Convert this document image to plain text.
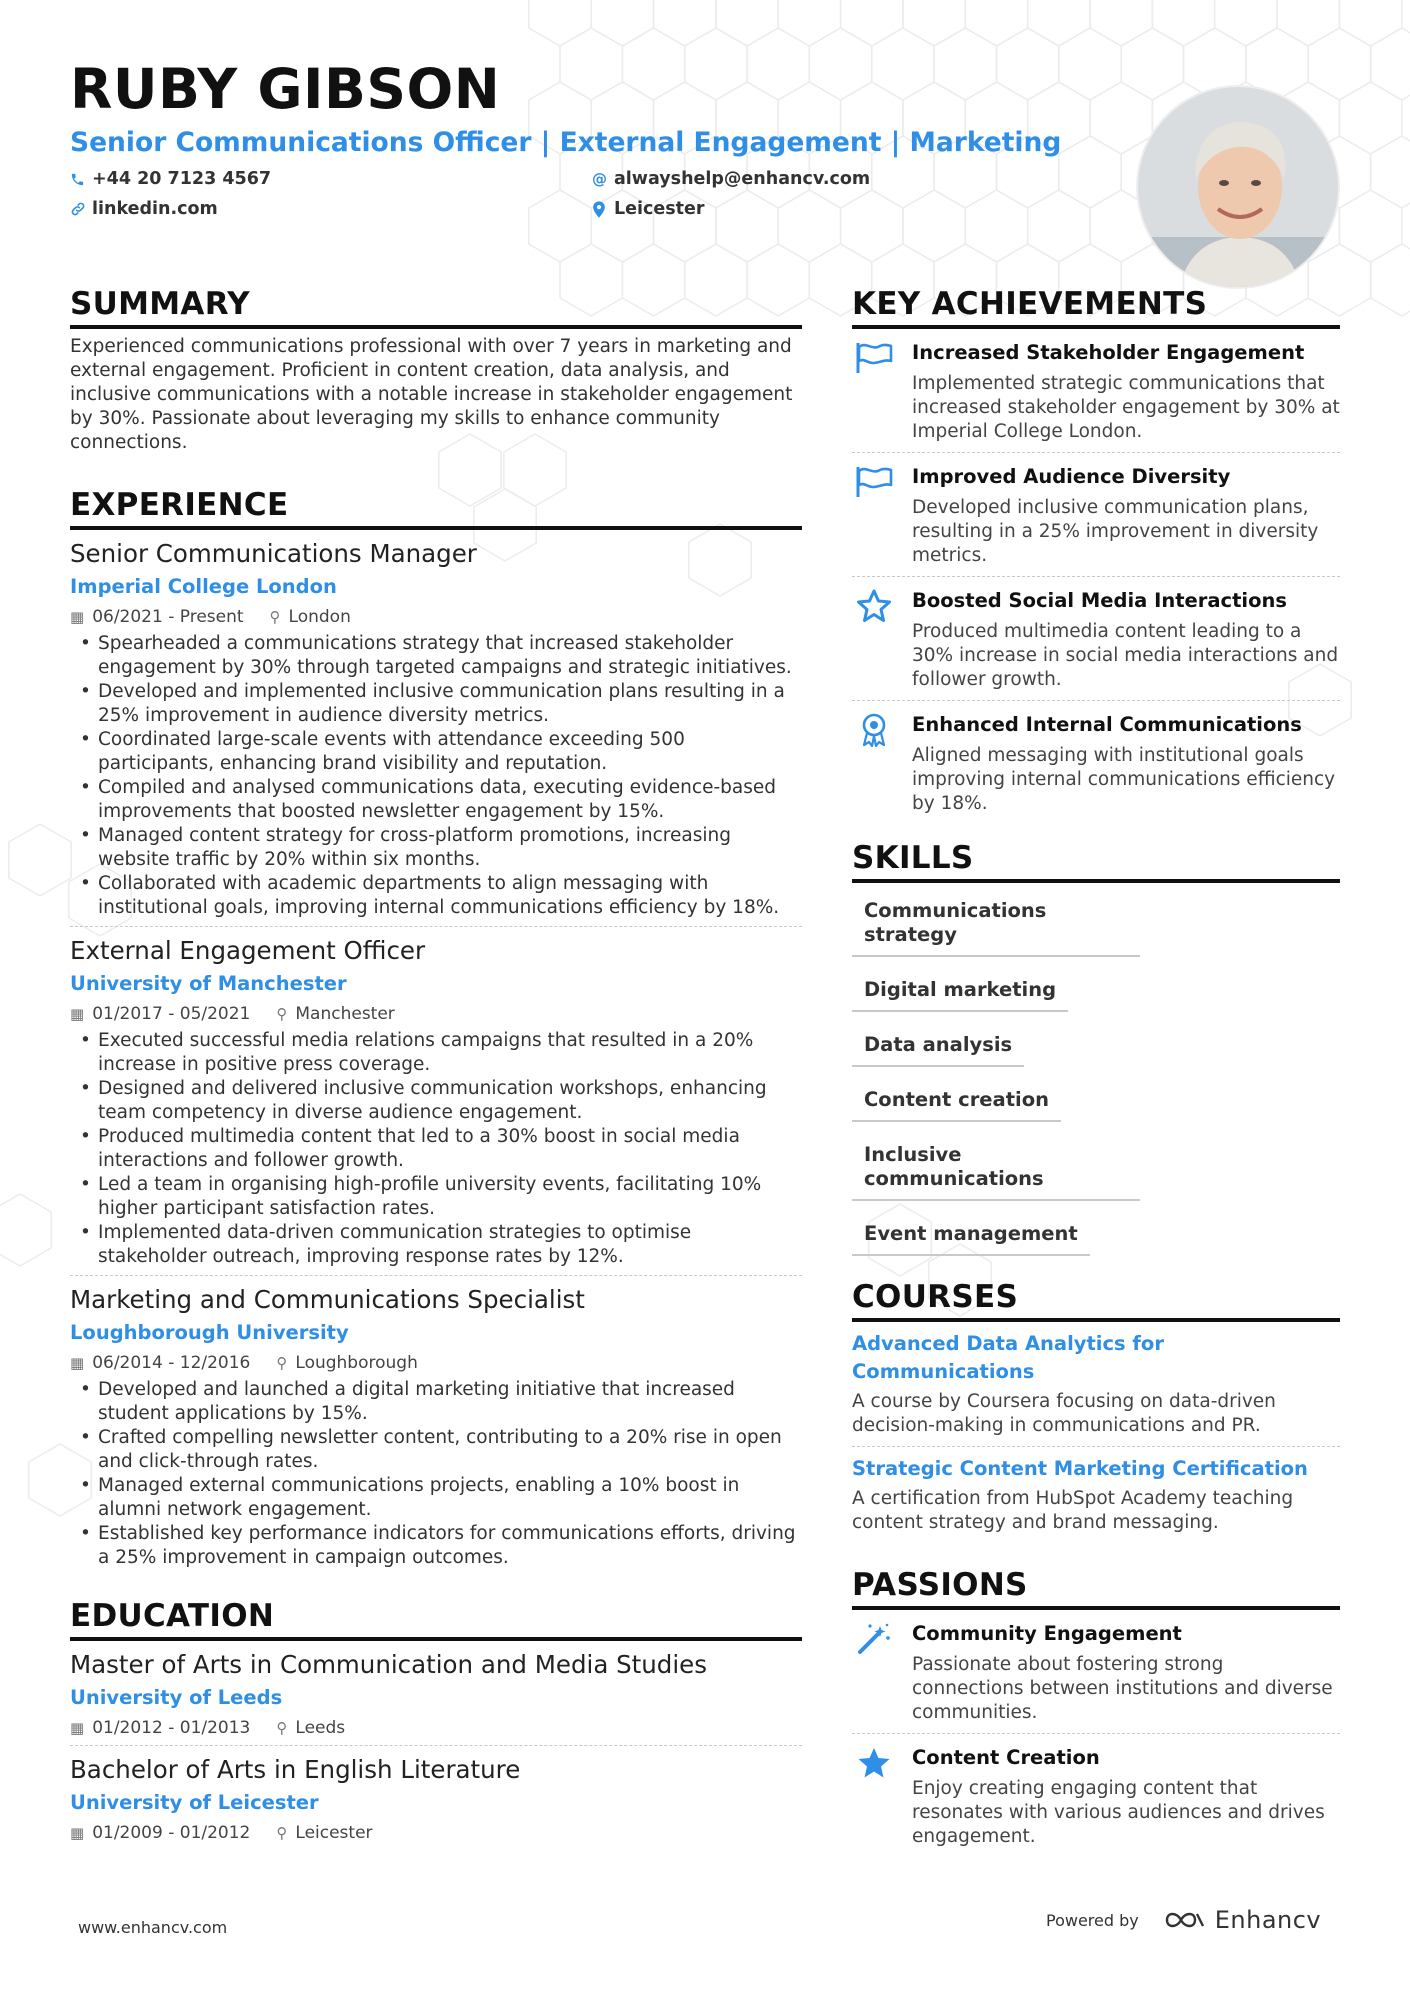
RUBY GIBSON
Senior Communications Officer | External Engagement | Marketing
+44 20 7123 4567	@ alwayshelp@enhancv.com
linkedin.com	Leicester
SUMMARY
Experienced communications professional with over 7 years in marketing and external engagement. Proficient in content creation, data analysis, and inclusive communications with a notable increase in stakeholder engagement by 30%. Passionate about leveraging my skills to enhance community connections.
EXPERIENCE
Senior Communications Manager
Imperial College London
▦ 06/2021 - Present ⚲ London
• Spearheaded a communications strategy that increased stakeholder engagement by 30% through targeted campaigns and strategic initiatives.
• Developed and implemented inclusive communication plans resulting in a 25% improvement in audience diversity metrics.
• Coordinated large-scale events with attendance exceeding 500 participants, enhancing brand visibility and reputation.
• Compiled and analysed communications data, executing evidence-based improvements that boosted newsletter engagement by 15%.
• Managed content strategy for cross-platform promotions, increasing website traffic by 20% within six months.
• Collaborated with academic departments to align messaging with institutional goals, improving internal communications efficiency by 18%.
External Engagement Officer
University of Manchester
▦ 01/2017 - 05/2021 ⚲ Manchester
• Executed successful media relations campaigns that resulted in a 20% increase in positive press coverage.
• Designed and delivered inclusive communication workshops, enhancing team competency in diverse audience engagement.
• Produced multimedia content that led to a 30% boost in social media interactions and follower growth.
• Led a team in organising high-profile university events, facilitating 10% higher participant satisfaction rates.
• Implemented data-driven communication strategies to optimise stakeholder outreach, improving response rates by 12%.
Marketing and Communications Specialist
Loughborough University
▦ 06/2014 - 12/2016 ⚲ Loughborough
• Developed and launched a digital marketing initiative that increased student applications by 15%.
• Crafted compelling newsletter content, contributing to a 20% rise in open and click-through rates.
• Managed external communications projects, enabling a 10% boost in alumni network engagement.
• Established key performance indicators for communications efforts, driving a 25% improvement in campaign outcomes.
EDUCATION
Master of Arts in Communication and Media Studies
University of Leeds
▦ 01/2012 - 01/2013 ⚲ Leeds
Bachelor of Arts in English Literature
University of Leicester
▦ 01/2009 - 01/2012 ⚲ Leicester
KEY ACHIEVEMENTS
Increased Stakeholder Engagement
Implemented strategic communications that increased stakeholder engagement by 30% at Imperial College London.
Improved Audience Diversity
Developed inclusive communication plans, resulting in a 25% improvement in diversity metrics.
Boosted Social Media Interactions
Produced multimedia content leading to a 30% increase in social media interactions and follower growth.
Enhanced Internal Communications
Aligned messaging with institutional goals improving internal communications efficiency by 18%.
SKILLS
Communications strategy
Digital marketing
Data analysis
Content creation
Inclusive communications
Event management
COURSES
Advanced Data Analytics for Communications
A course by Coursera focusing on data-driven decision-making in communications and PR.
Strategic Content Marketing Certification
A certification from HubSpot Academy teaching content strategy and brand messaging.
PASSIONS
Community Engagement
Passionate about fostering strong connections between institutions and diverse communities.
Content Creation
Enjoy creating engaging content that resonates with various audiences and drives engagement.
www.enhancv.com	Powered by	Enhancv
